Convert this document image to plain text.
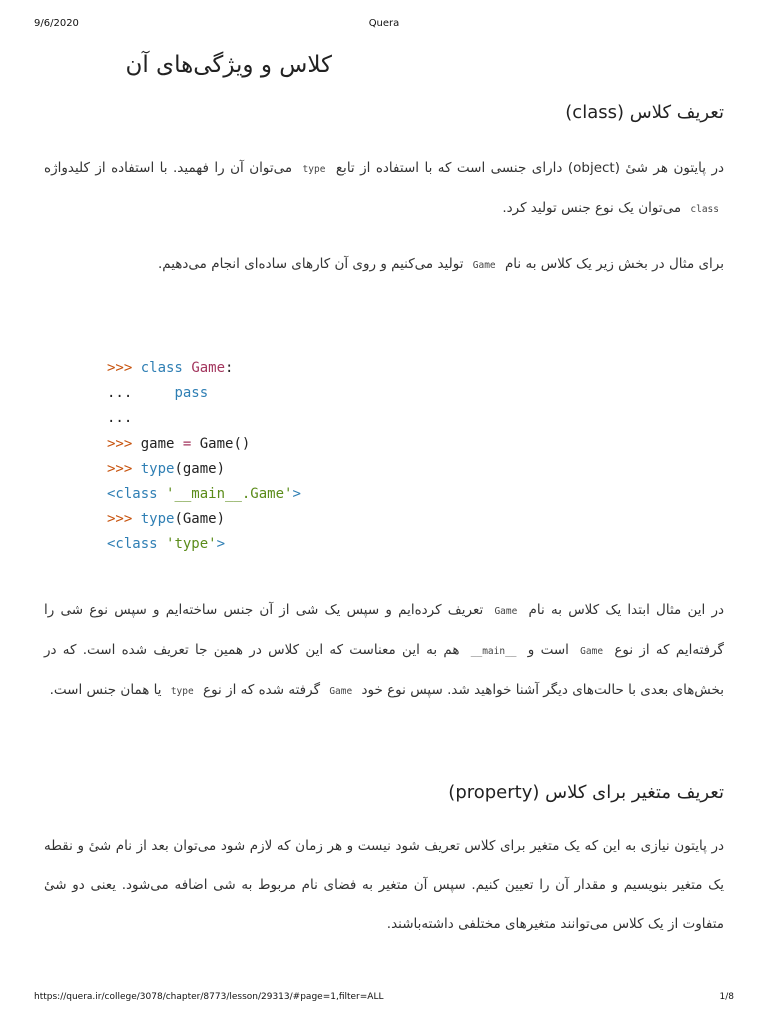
9/6/2020	Quera
کلاس و ویژگی‌های آن
تعریف کلاس (class)
در پایتون هر شیٔ (object) دارای جنسی است که با استفاده از تابع type می‌توان آن را فهمید. با استفاده از کلیدواژه class می‌توان یک نوع جنس تولید کرد.
برای مثال در بخش زیر یک کلاس به نام Game تولید می‌کنیم و روی آن کارهای ساده‌ای انجام می‌دهیم.
>>> class Game:
...     pass
...
>>> game = Game()
>>> type(game)
<class '__main__.Game'>
>>> type(Game)
<class 'type'>
در این مثال ابتدا یک کلاس به نام Game تعریف کرده‌ایم و سپس یک شی از آن جنس ساخته‌ایم و سپس نوع شی را گرفته‌ایم که از نوع Game است و __main__ هم به این معناست که این کلاس در همین جا تعریف شده است. که در بخش‌های بعدی با حالت‌های دیگر آشنا خواهید شد. سپس نوع خود Game گرفته شده که از نوع type یا همان جنس است.
تعریف متغیر برای کلاس (property)
در پایتون نیازی به این که یک متغیر برای کلاس تعریف شود نیست و هر زمان که لازم شود می‌توان بعد از نام شیٔ و نقطه یک متغیر بنویسیم و مقدار آن را تعیین کنیم. سپس آن متغیر به فضای نام مربوط به شی اضافه می‌شود. یعنی دو شیٔ متفاوت از یک کلاس می‌توانند متغیرهای مختلفی داشته‌باشند.
https://quera.ir/college/3078/chapter/8773/lesson/29313/#page=1,filter=ALL	1/8
